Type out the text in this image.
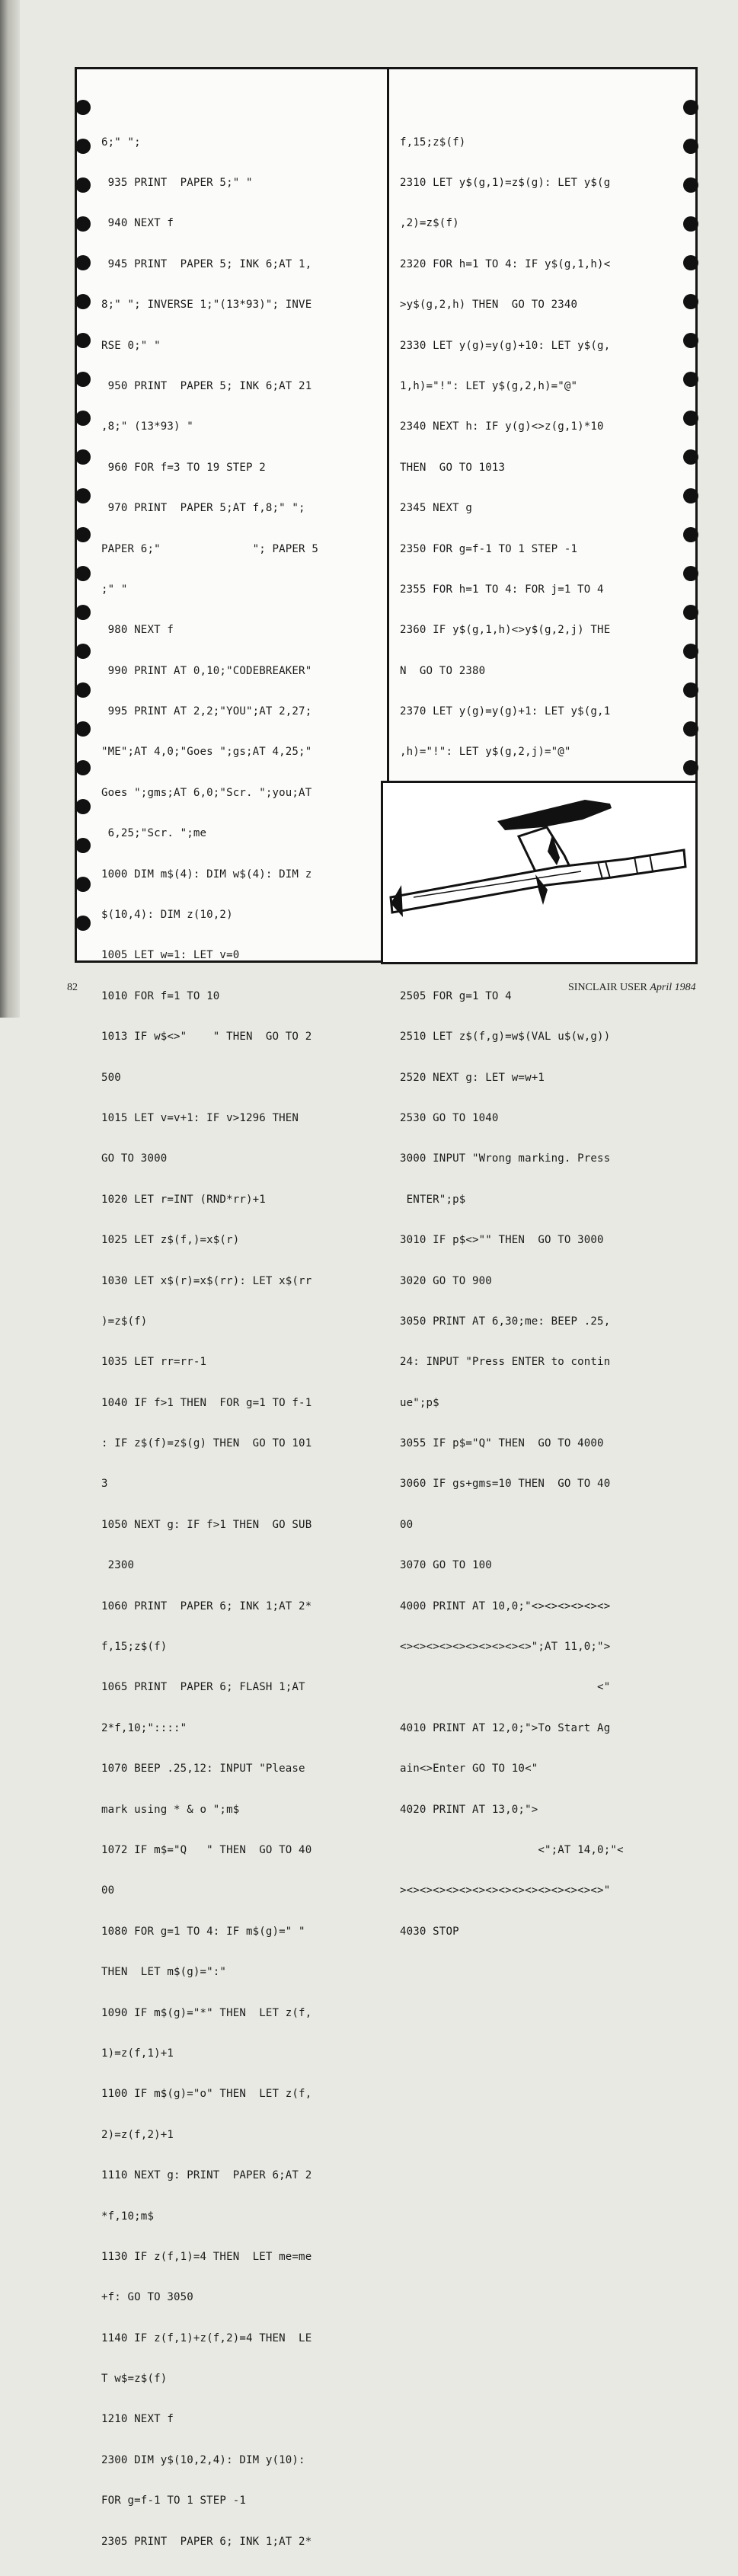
6;" ";

935 PRINT  PAPER 5;" "

940 NEXT f

945 PRINT  PAPER 5; INK 6;AT 1,

8;" "; INVERSE 1;"(13*93)"; INVE

RSE 0;" "

950 PRINT  PAPER 5; INK 6;AT 21

,8;" (13*93) "

960 FOR f=3 TO 19 STEP 2

970 PRINT  PAPER 5;AT f,8;" ";

PAPER 6;"              "; PAPER 5

;" "

980 NEXT f

990 PRINT AT 0,10;"CODEBREAKER"

995 PRINT AT 2,2;"YOU";AT 2,27;

"ME";AT 4,0;"Goes ";gs;AT 4,25;"

Goes ";gms;AT 6,0;"Scr. ";you;AT

6,25;"Scr. ";me

1000 DIM m$(4): DIM w$(4): DIM z

$(10,4): DIM z(10,2)

1005 LET w=1: LET v=0

1010 FOR f=1 TO 10

1013 IF w$<>"    " THEN  GO TO 2

500

1015 LET v=v+1: IF v>1296 THEN

GO TO 3000

1020 LET r=INT (RND*rr)+1

1025 LET z$(f,)=x$(r)

1030 LET x$(r)=x$(rr): LET x$(rr

)=z$(f)

1035 LET rr=rr-1

1040 IF f>1 THEN  FOR g=1 TO f-1

: IF z$(f)=z$(g) THEN  GO TO 101

3

1050 NEXT g: IF f>1 THEN  GO SUB

2300

1060 PRINT  PAPER 6; INK 1;AT 2*

f,15;z$(f)

1065 PRINT  PAPER 6; FLASH 1;AT

2*f,10;"::::"

1070 BEEP .25,12: INPUT "Please

mark using * & o ";m$

1072 IF m$="Q   " THEN  GO TO 40

00

1080 FOR g=1 TO 4: IF m$(g)=" "

THEN  LET m$(g)=":"

1090 IF m$(g)="*" THEN  LET z(f,

1)=z(f,1)+1

1100 IF m$(g)="o" THEN  LET z(f,

2)=z(f,2)+1

1110 NEXT g: PRINT  PAPER 6;AT 2

*f,10;m$

1130 IF z(f,1)=4 THEN  LET me=me

+f: GO TO 3050

1140 IF z(f,1)+z(f,2)=4 THEN  LE

T w$=z$(f)

1210 NEXT f

2300 DIM y$(10,2,4): DIM y(10):

FOR g=f-1 TO 1 STEP -1

2305 PRINT  PAPER 6; INK 1;AT 2*

f,15;z$(f)

2310 LET y$(g,1)=z$(g): LET y$(g

,2)=z$(f)

2320 FOR h=1 TO 4: IF y$(g,1,h)<

>y$(g,2,h) THEN  GO TO 2340

2330 LET y(g)=y(g)+10: LET y$(g,

1,h)="!": LET y$(g,2,h)="@"

2340 NEXT h: IF y(g)<>z(g,1)*10

THEN  GO TO 1013

2345 NEXT g

2350 FOR g=f-1 TO 1 STEP -1

2355 FOR h=1 TO 4: FOR j=1 TO 4

2360 IF y$(g,1,h)<>y$(g,2,j) THE

N  GO TO 2380

2370 LET y(g)=y(g)+1: LET y$(g,1

,h)="!": LET y$(g,2,j)="@"

2505 FOR g=1 TO 4

2510 LET z$(f,g)=w$(VAL u$(w,g))

2520 NEXT g: LET w=w+1

2530 GO TO 1040

3000 INPUT "Wrong marking. Press

ENTER";p$

3010 IF p$<>"" THEN  GO TO 3000

3020 GO TO 900

3050 PRINT AT 6,30;me: BEEP .25,

24: INPUT "Press ENTER to contin

ue";p$

3055 IF p$="Q" THEN  GO TO 4000

3060 IF gs+gms=10 THEN  GO TO 40

00

3070 GO TO 100

4000 PRINT AT 10,0;"<><><><><><>

<><><><><><><><><><>";AT 11,0;">

<"

4010 PRINT AT 12,0;">To Start Ag

ain<>Enter GO TO 10<"

4020 PRINT AT 13,0;">

<";AT 14,0;"<

><><><><><><><><><><><><><><><>"

4030 STOP

82	SINCLAIR USER April 1984
